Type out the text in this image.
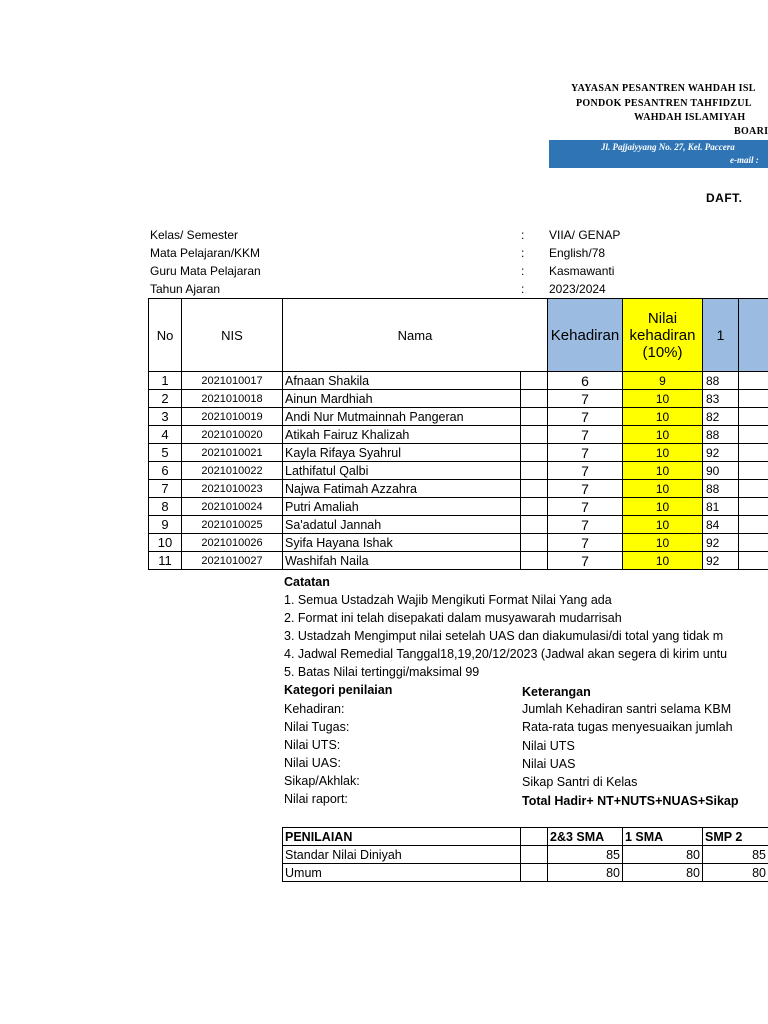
YAYASAN PESANTREN WAHDAH ISL
PONDOK PESANTREN TAHFIDZUL
WAHDAH ISLAMIYAH
BOARI
Jl. Pajjaiyyang No. 27, Kel. Paccera
e-mail :
DAFT.
Kelas/ Semester	: VIIA/ GENAP
Mata Pelajaran/KKM	: English/78
Guru Mata Pelajaran	: Kasmawanti
Tahun Ajaran	: 2023/2024
No	NIS	Nama		Kehadiran	Nilai
kehadiran
(10%)	1	
1	2021010017	Afnaan Shakila		6	9	88	
2	2021010018	Ainun Mardhiah		7	10	83	
3	2021010019	Andi Nur Mutmainnah Pangeran		7	10	82	
4	2021010020	Atikah Fairuz Khalizah		7	10	88	
5	2021010021	Kayla Rifaya Syahrul		7	10	92	
6	2021010022	Lathifatul Qalbi		7	10	90	
7	2021010023	Najwa Fatimah Azzahra		7	10	88	
8	2021010024	Putri Amaliah		7	10	81	
9	2021010025	Sa'adatul Jannah		7	10	84	
10	2021010026	Syifa Hayana Ishak		7	10	92	
11	2021010027	Washifah Naila		7	10	92	
Catatan
1. Semua Ustadzah Wajib Mengikuti Format Nilai Yang ada
2. Format ini telah disepakati dalam musyawarah mudarrisah
3. Ustadzah Mengimput nilai setelah UAS dan diakumulasi/di total yang tidak m
4. Jadwal Remedial Tanggal18,19,20/12/2023 (Jadwal akan segera di kirim untu
5. Batas Nilai tertinggi/maksimal 99
Kategori penilaian	Keterangan
Kehadiran:	Jumlah Kehadiran santri selama KBM
Nilai Tugas:	Rata-rata tugas menyesuaikan jumlah
Nilai UTS:	Nilai UTS
Nilai UAS:	Nilai UAS
Sikap/Akhlak:	Sikap Santri di Kelas
Nilai raport:	Total Hadir+ NT+NUTS+NUAS+Sikap
PENILAIAN		2&3 SMA	1 SMA	SMP 2
Standar Nilai Diniyah		85	80	85
Umum		80	80	80
